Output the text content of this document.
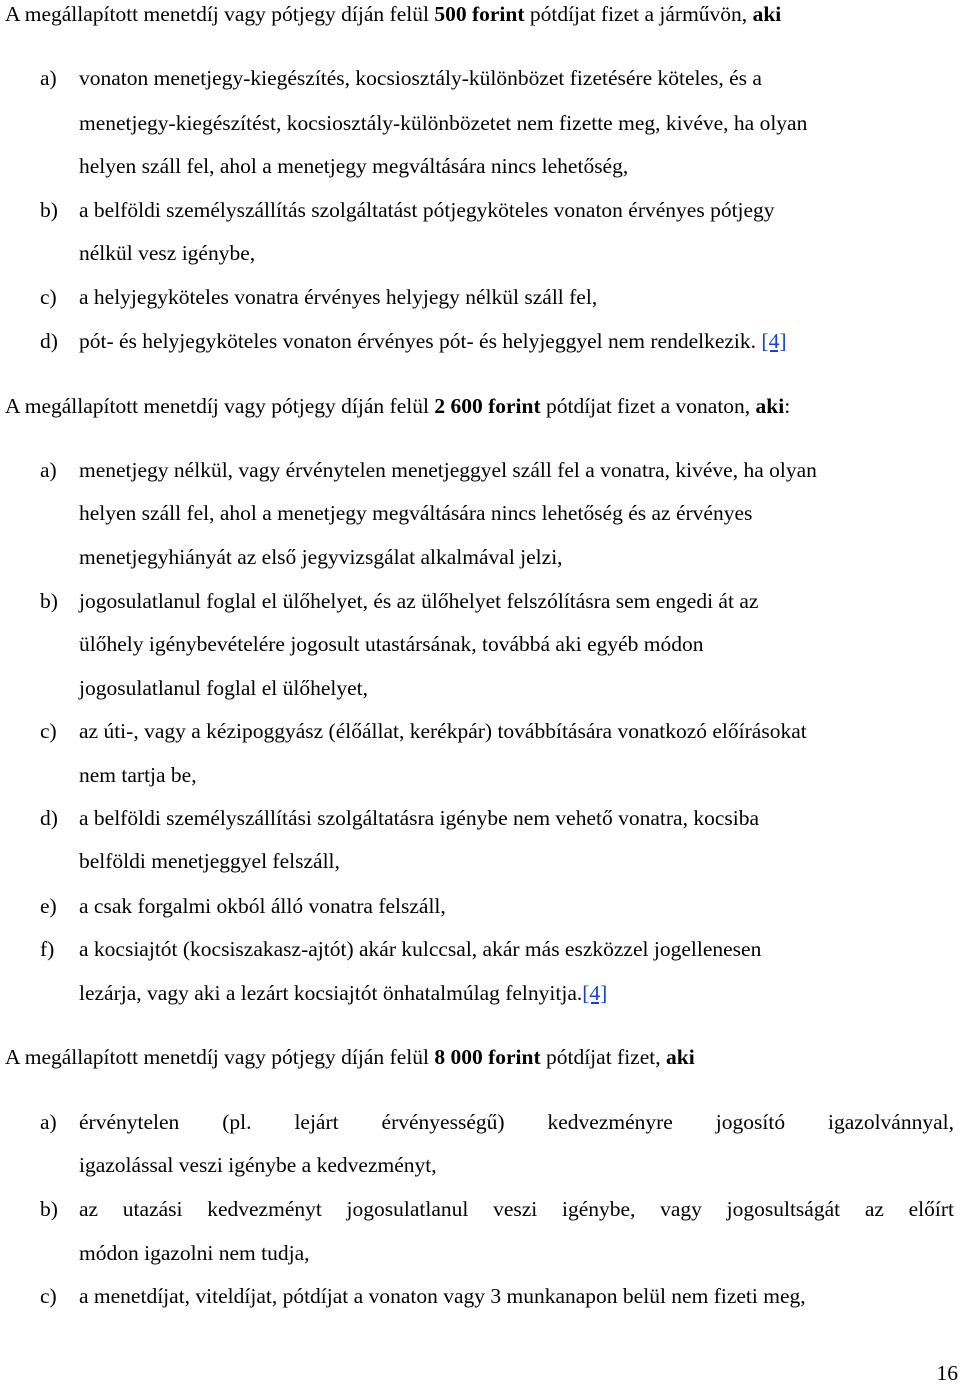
A megállapított menetdíj vagy pótjegy díján felül 500 forint pótdíjat fizet a járművön, aki
a) vonaton menetjegy-kiegészítés, kocsiosztály-különbözet fizetésére köteles, és a
menetjegy-kiegészítést, kocsiosztály-különbözetet nem fizette meg, kivéve, ha olyan
helyen száll fel, ahol a menetjegy megváltására nincs lehetőség,
b) a belföldi személyszállítás szolgáltatást pótjegyköteles vonaton érvényes pótjegy
nélkül vesz igénybe,
c) a helyjegyköteles vonatra érvényes helyjegy nélkül száll fel,
d) pót- és helyjegyköteles vonaton érvényes pót- és helyjeggyel nem rendelkezik. [4]
A megállapított menetdíj vagy pótjegy díján felül 2 600 forint pótdíjat fizet a vonaton, aki:
a) menetjegy nélkül, vagy érvénytelen menetjeggyel száll fel a vonatra, kivéve, ha olyan
helyen száll fel, ahol a menetjegy megváltására nincs lehetőség és az érvényes
menetjegyhiányát az első jegyvizsgálat alkalmával jelzi,
b) jogosulatlanul foglal el ülőhelyet, és az ülőhelyet felszólításra sem engedi át az
ülőhely igénybevételére jogosult utastársának, továbbá aki egyéb módon
jogosulatlanul foglal el ülőhelyet,
c) az úti-, vagy a kézipoggyász (élőállat, kerékpár) továbbítására vonatkozó előírásokat
nem tartja be,
d) a belföldi személyszállítási szolgáltatásra igénybe nem vehető vonatra, kocsiba
belföldi menetjeggyel felszáll,
e) a csak forgalmi okból álló vonatra felszáll,
f) a kocsiajtót (kocsiszakasz-ajtót) akár kulccsal, akár más eszközzel jogellenesen
lezárja, vagy aki a lezárt kocsiajtót önhatalmúlag felnyitja.[4]
A megállapított menetdíj vagy pótjegy díján felül 8 000 forint pótdíjat fizet, aki
a) érvénytelen (pl. lejárt érvényességű) kedvezményre jogosító igazolvánnyal,
igazolással veszi igénybe a kedvezményt,
b) az utazási kedvezményt jogosulatlanul veszi igénybe, vagy jogosultságát az előírt
módon igazolni nem tudja,
c) a menetdíjat, viteldíjat, pótdíjat a vonaton vagy 3 munkanapon belül nem fizeti meg,
16
